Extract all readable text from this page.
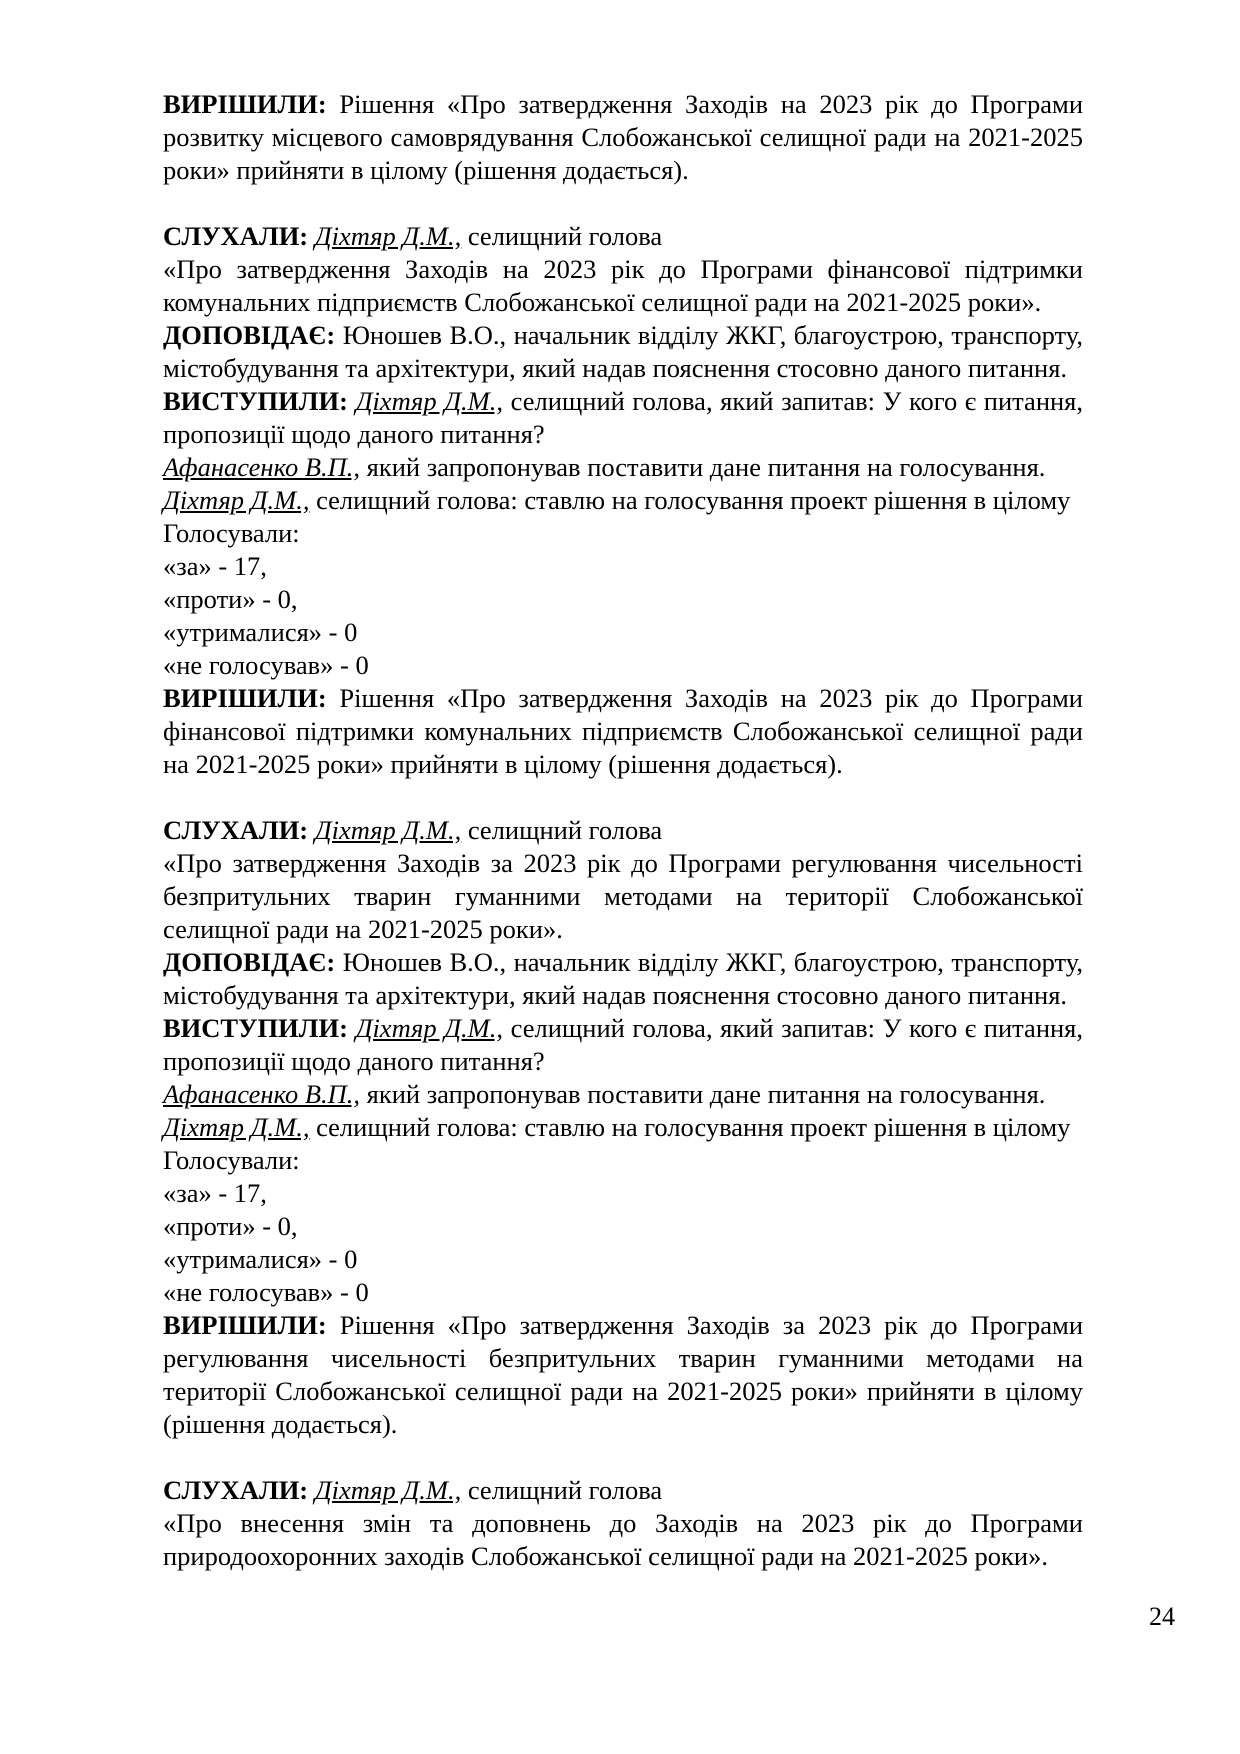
ВИРІШИЛИ: Рішення «Про затвердження Заходів на 2023 рік до Програми

розвитку місцевого самоврядування Слобожанської селищної ради на 2021-2025

роки» прийняти в цілому (рішення додається).

СЛУХАЛИ: Діхтяр Д.М., селищний голова

«Про затвердження Заходів на 2023 рік до Програми фінансової підтримки

комунальних підприємств Слобожанської селищної ради на 2021-2025 роки».

ДОПОВІДАЄ: Юношев В.О., начальник відділу ЖКГ, благоустрою, транспорту,

містобудування та архітектури, який надав пояснення стосовно даного питання.

ВИСТУПИЛИ: Діхтяр Д.М., селищний голова, який запитав: У кого є питання,

пропозиції щодо даного питання?

Афанасенко В.П., який запропонував поставити дане питання на голосування.

Діхтяр Д.М., селищний голова: ставлю на голосування проект рішення в цілому

Голосували:

«за» - 17,

«проти» - 0,

«утрималися» - 0

«не голосував» - 0

ВИРІШИЛИ: Рішення «Про затвердження Заходів на 2023 рік до Програми

фінансової підтримки комунальних підприємств Слобожанської селищної ради

на 2021-2025 роки» прийняти в цілому (рішення додається).

СЛУХАЛИ: Діхтяр Д.М., селищний голова

«Про затвердження Заходів за 2023 рік до Програми регулювання чисельності

безпритульних тварин гуманними методами на території Слобожанської

селищної ради на 2021-2025 роки».

ДОПОВІДАЄ: Юношев В.О., начальник відділу ЖКГ, благоустрою, транспорту,

містобудування та архітектури, який надав пояснення стосовно даного питання.

ВИСТУПИЛИ: Діхтяр Д.М., селищний голова, який запитав: У кого є питання,

пропозиції щодо даного питання?

Афанасенко В.П., який запропонував поставити дане питання на голосування.

Діхтяр Д.М., селищний голова: ставлю на голосування проект рішення в цілому

Голосували:

«за» - 17,

«проти» - 0,

«утрималися» - 0

«не голосував» - 0

ВИРІШИЛИ: Рішення «Про затвердження Заходів за 2023 рік до Програми

регулювання чисельності безпритульних тварин гуманними методами на

території Слобожанської селищної ради на 2021-2025 роки» прийняти в цілому

(рішення додається).

СЛУХАЛИ: Діхтяр Д.М., селищний голова

«Про внесення змін та доповнень до Заходів на 2023 рік до Програми

природоохоронних заходів Слобожанської селищної ради на 2021-2025 роки».

24
